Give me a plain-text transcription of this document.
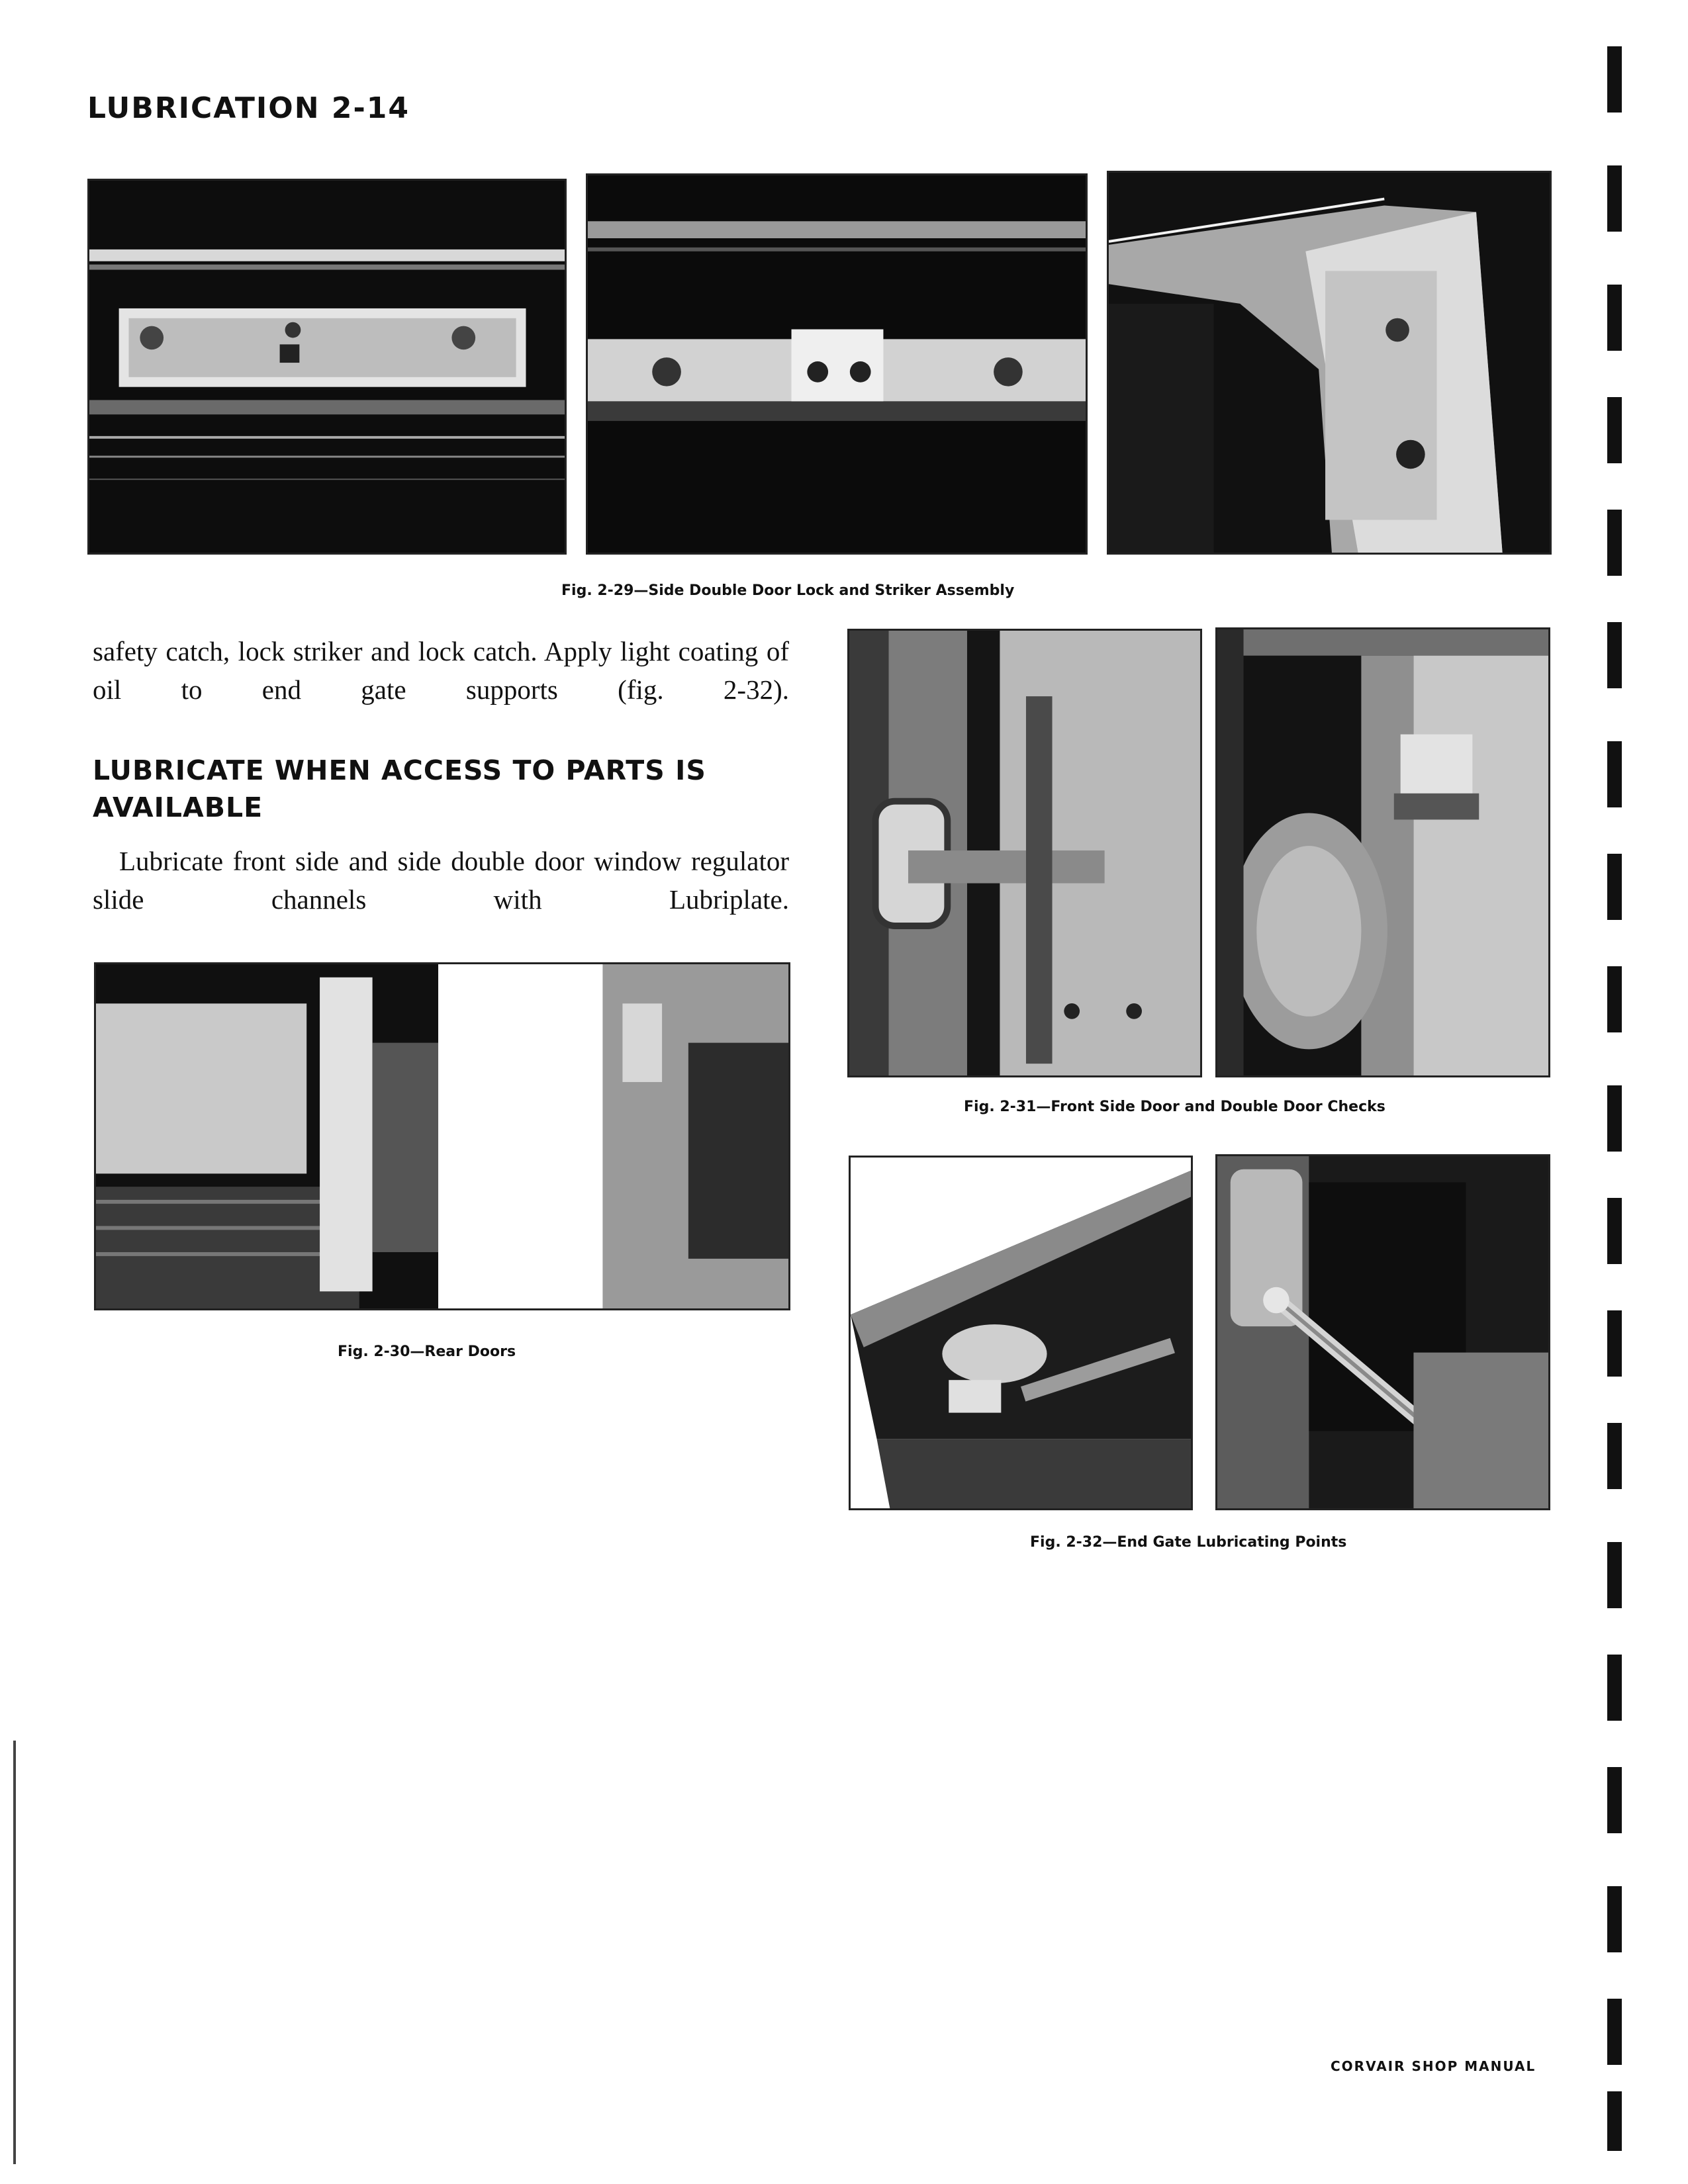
LUBRICATION 2-14
Fig. 2-29—Side Double Door Lock and Striker Assembly

safety catch, lock striker and lock catch. Apply light coating of oil to end gate supports (fig. 2-32).

LUBRICATE WHEN ACCESS TO PARTS IS AVAILABLE

Lubricate front side and side double door window regulator slide channels with Lubriplate.

Fig. 2-31—Front Side Door and Double Door Checks
Fig. 2-30—Rear Doors
Fig. 2-32—End Gate Lubricating Points
CORVAIR SHOP MANUAL
